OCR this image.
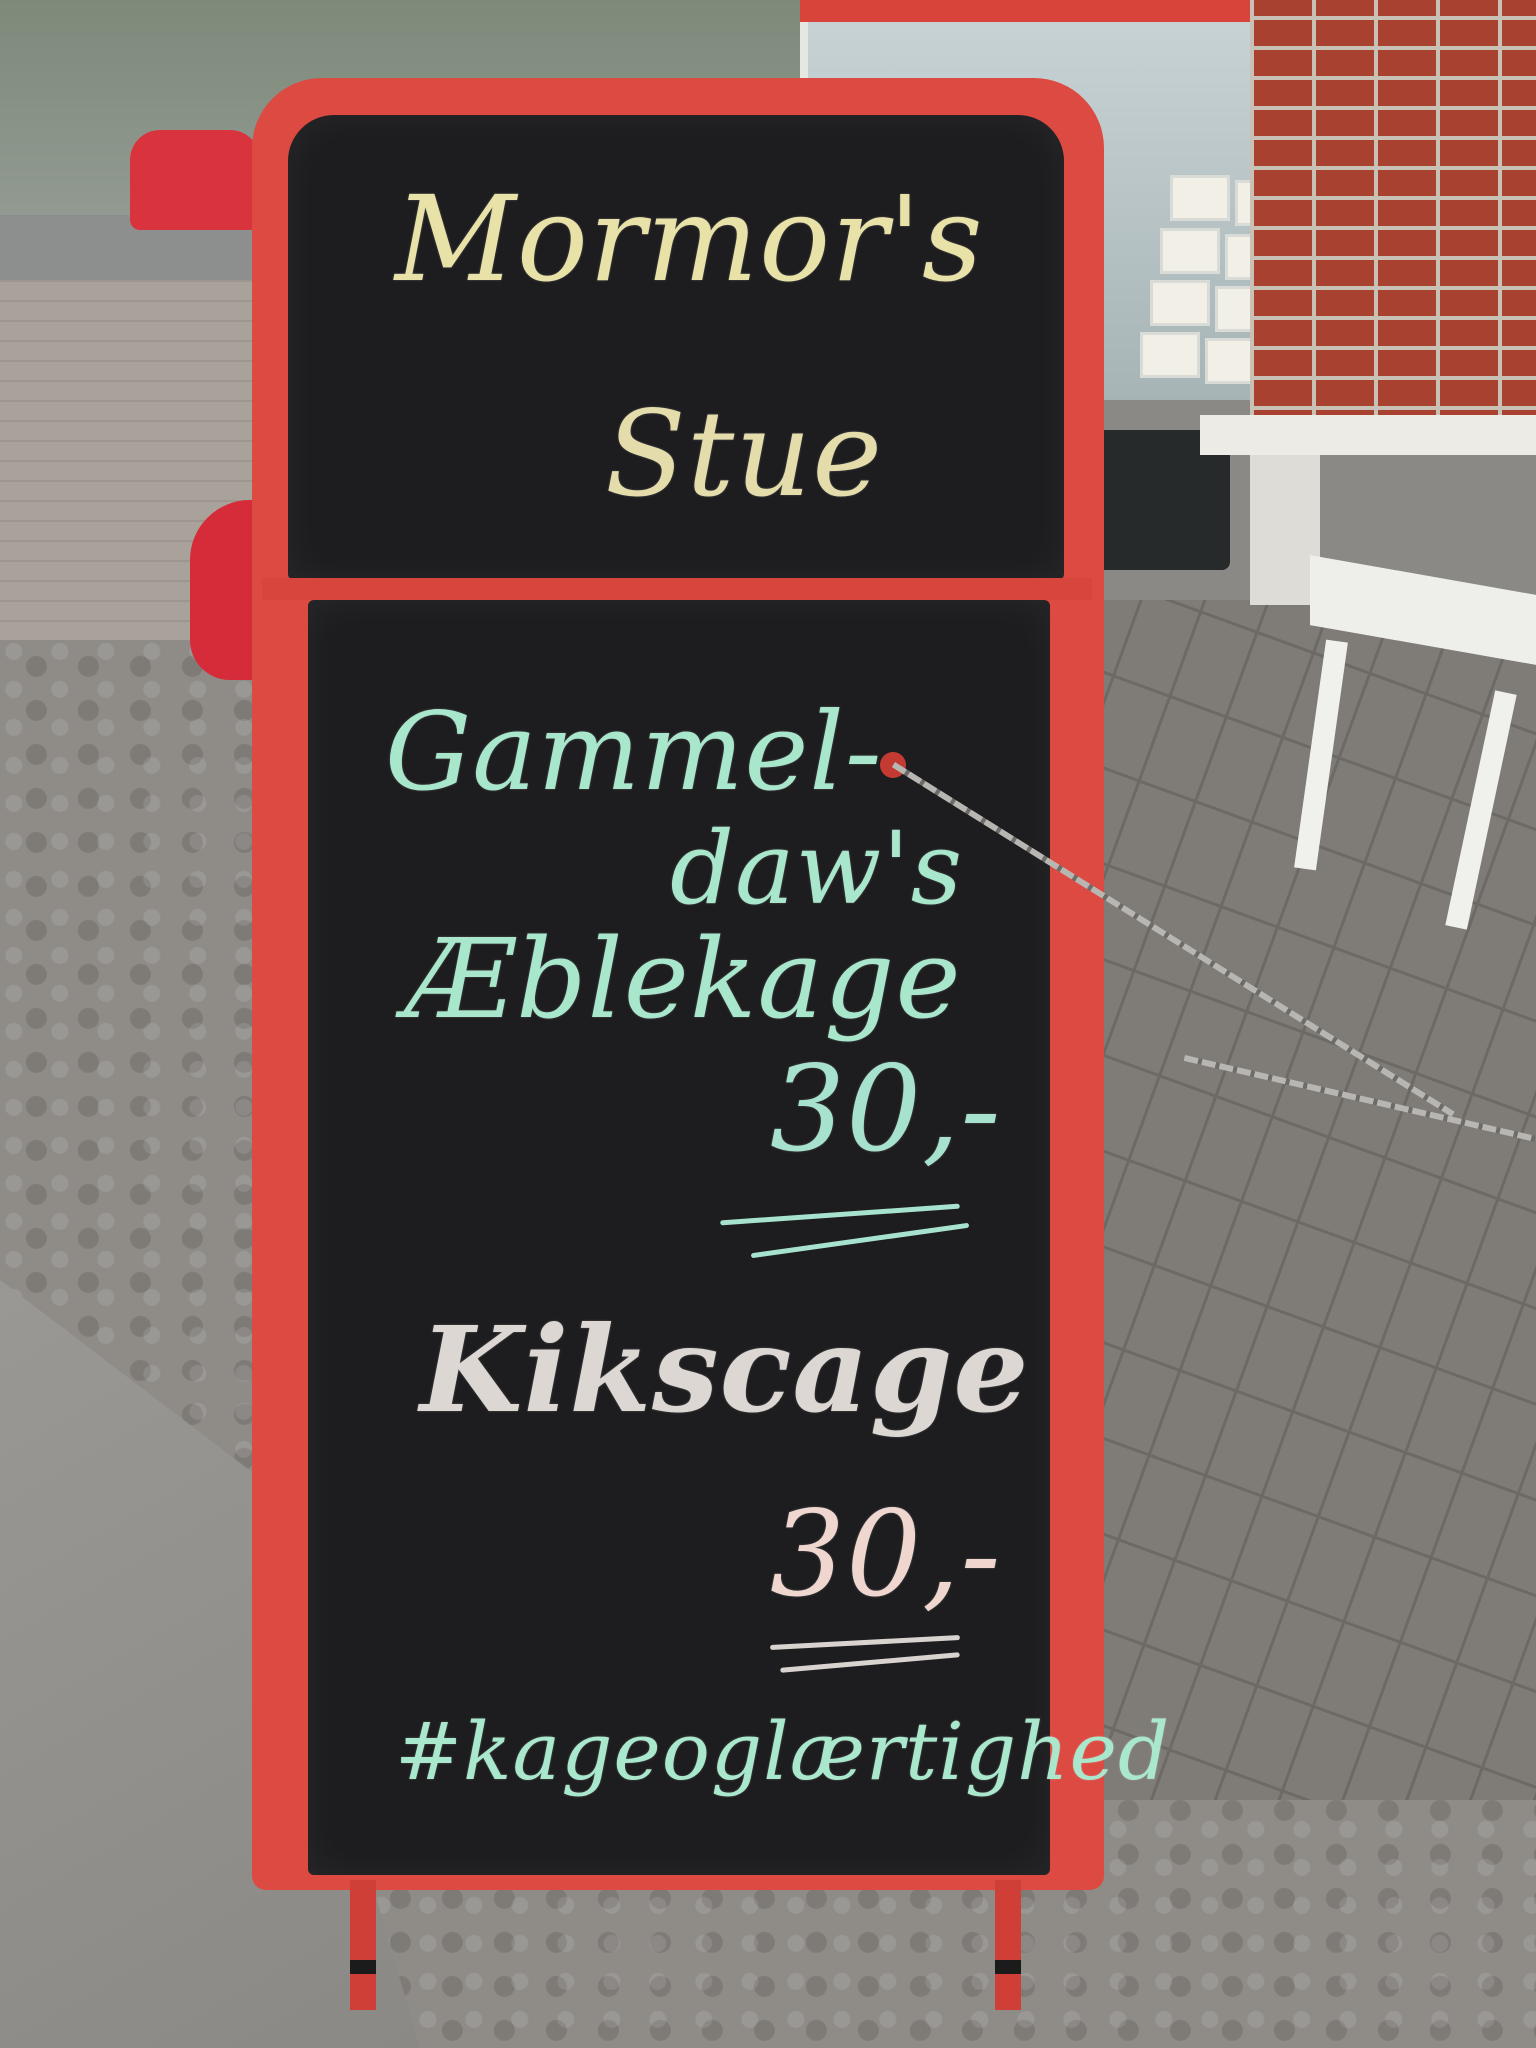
Mormor's
Stue
Gammel-
daw's
Æblekage
30,-
Kikscage
30,-
#kageoglærtighed
